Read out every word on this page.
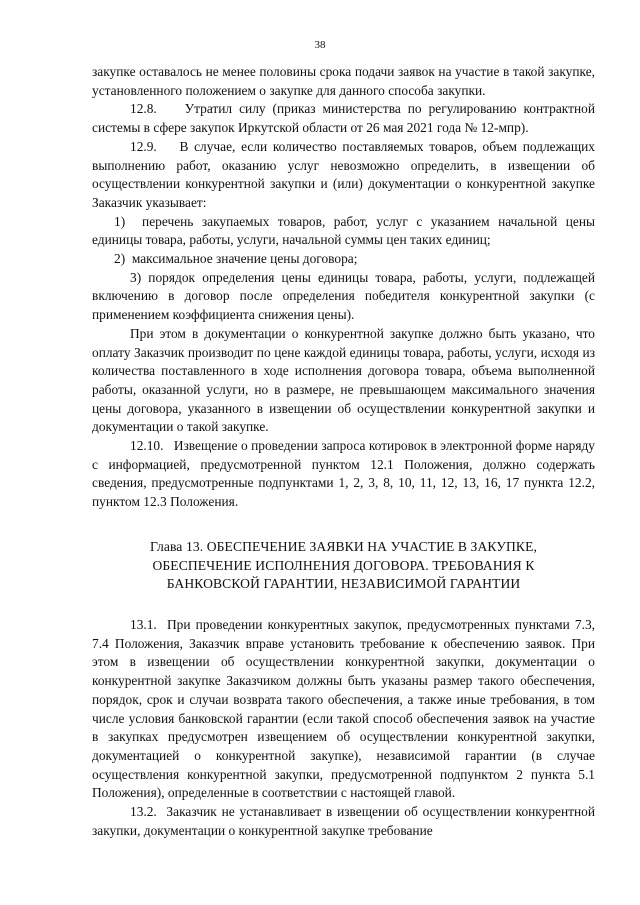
38

закупке оставалось не менее половины срока подачи заявок на участие в такой закупке, установленного положением о закупке для данного способа закупки.

12.8.    Утратил силу (приказ министерства по регулированию контрактной системы в сфере закупок Иркутской области от 26 мая 2021 года № 12-мпр).

12.9.    В случае, если количество поставляемых товаров, объем подлежащих выполнению работ, оказанию услуг невозможно определить, в извещении об осуществлении конкурентной закупки и (или) документации о конкурентной закупке Заказчик указывает:

1)  перечень закупаемых товаров, работ, услуг с указанием начальной цены единицы товара, работы, услуги, начальной суммы цен таких единиц;

2)  максимальное значение цены договора;

3) порядок определения цены единицы товара, работы, услуги, подлежащей включению в договор после определения победителя конкурентной закупки (с применением коэффициента снижения цены).

При этом в документации о конкурентной закупке должно быть указано, что оплату Заказчик производит по цене каждой единицы товара, работы, услуги, исходя из количества поставленного в ходе исполнения договора товара, объема выполненной работы, оказанной услуги, но в размере, не превышающем максимального значения цены договора, указанного в извещении об осуществлении конкурентной закупки и документации о такой закупке.

12.10.   Извещение о проведении запроса котировок в электронной форме наряду с информацией, предусмотренной пунктом 12.1 Положения, должно содержать сведения, предусмотренные подпунктами 1, 2, 3, 8, 10, 11, 12, 13, 16, 17 пункта 12.2, пунктом 12.3 Положения.

Глава 13. ОБЕСПЕЧЕНИЕ ЗАЯВКИ НА УЧАСТИЕ В ЗАКУПКЕ,
ОБЕСПЕЧЕНИЕ ИСПОЛНЕНИЯ ДОГОВОРА. ТРЕБОВАНИЯ К
БАНКОВСКОЙ ГАРАНТИИ, НЕЗАВИСИМОЙ ГАРАНТИИ

13.1.  При проведении конкурентных закупок, предусмотренных пунктами 7.3, 7.4 Положения, Заказчик вправе установить требование к обеспечению заявок. При этом в извещении об осуществлении конкурентной закупки, документации о конкурентной закупке Заказчиком должны быть указаны размер такого обеспечения, порядок, срок и случаи возврата такого обеспечения, а также иные требования, в том числе условия банковской гарантии (если такой способ обеспечения заявок на участие в закупках предусмотрен извещением об осуществлении конкурентной закупки, документацией о конкурентной закупке), независимой гарантии (в случае осуществления конкурентной закупки, предусмотренной подпунктом 2 пункта 5.1 Положения), определенные в соответствии с настоящей главой.

13.2.  Заказчик не устанавливает в извещении об осуществлении конкурентной закупки, документации о конкурентной закупке требование
